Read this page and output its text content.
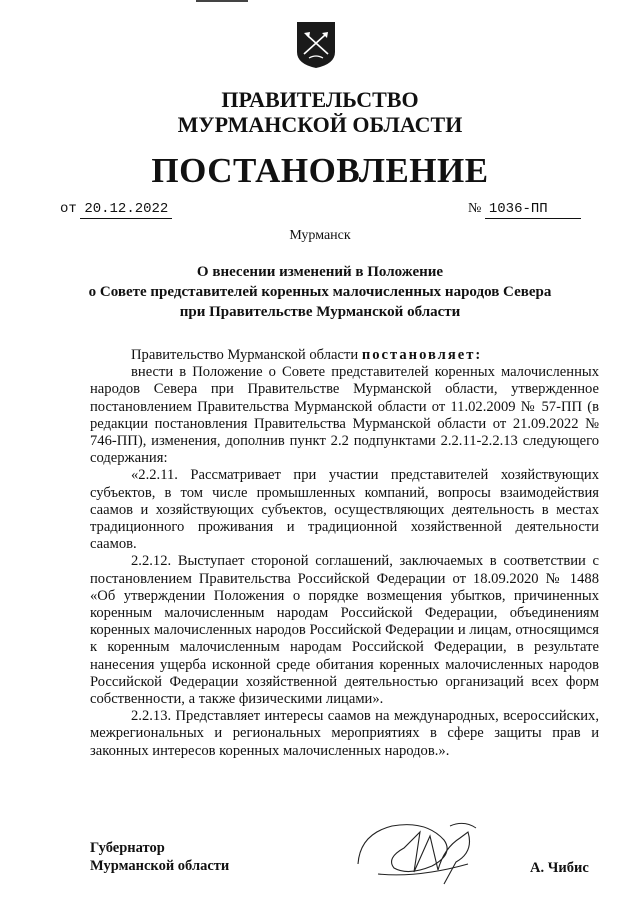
ПРАВИТЕЛЬСТВО
МУРМАНСКОЙ ОБЛАСТИ
ПОСТАНОВЛЕНИЕ
от 20.12.2022	№ 1036-ПП
Мурманск
О внесении изменений в Положение
о Совете представителей коренных малочисленных народов Севера
при Правительстве Мурманской области

Правительство Мурманской области постановляет:

внести в Положение о Совете представителей коренных малочисленных народов Севера при Правительстве Мурманской области, утвержденное постановлением Правительства Мурманской области от 11.02.2009 № 57-ПП (в редакции постановления Правительства Мурманской области от 21.09.2022 № 746-ПП), изменения, дополнив пункт 2.2 подпунктами 2.2.11-2.2.13 следующего содержания:

«2.2.11. Рассматривает при участии представителей хозяйствующих субъектов, в том числе промышленных компаний, вопросы взаимодействия саамов и хозяйствующих субъектов, осуществляющих деятельность в местах традиционного проживания и традиционной хозяйственной деятельности саамов.

2.2.12. Выступает стороной соглашений, заключаемых в соответствии с постановлением Правительства Российской Федерации от 18.09.2020 № 1488 «Об утверждении Положения о порядке возмещения убытков, причиненных коренным малочисленным народам Российской Федерации, объединениям коренных малочисленных народов Российской Федерации и лицам, относящимся к коренным малочисленным народам Российской Федерации, в результате нанесения ущерба исконной среде обитания коренных малочисленных народов Российской Федерации хозяйственной деятельностью организаций всех форм собственности, а также физическими лицами».

2.2.13. Представляет интересы саамов на международных, всероссийских, межрегиональных и региональных мероприятиях в сфере защиты прав и законных интересов коренных малочисленных народов.».

Губернатор
Мурманской области	А. Чибис
